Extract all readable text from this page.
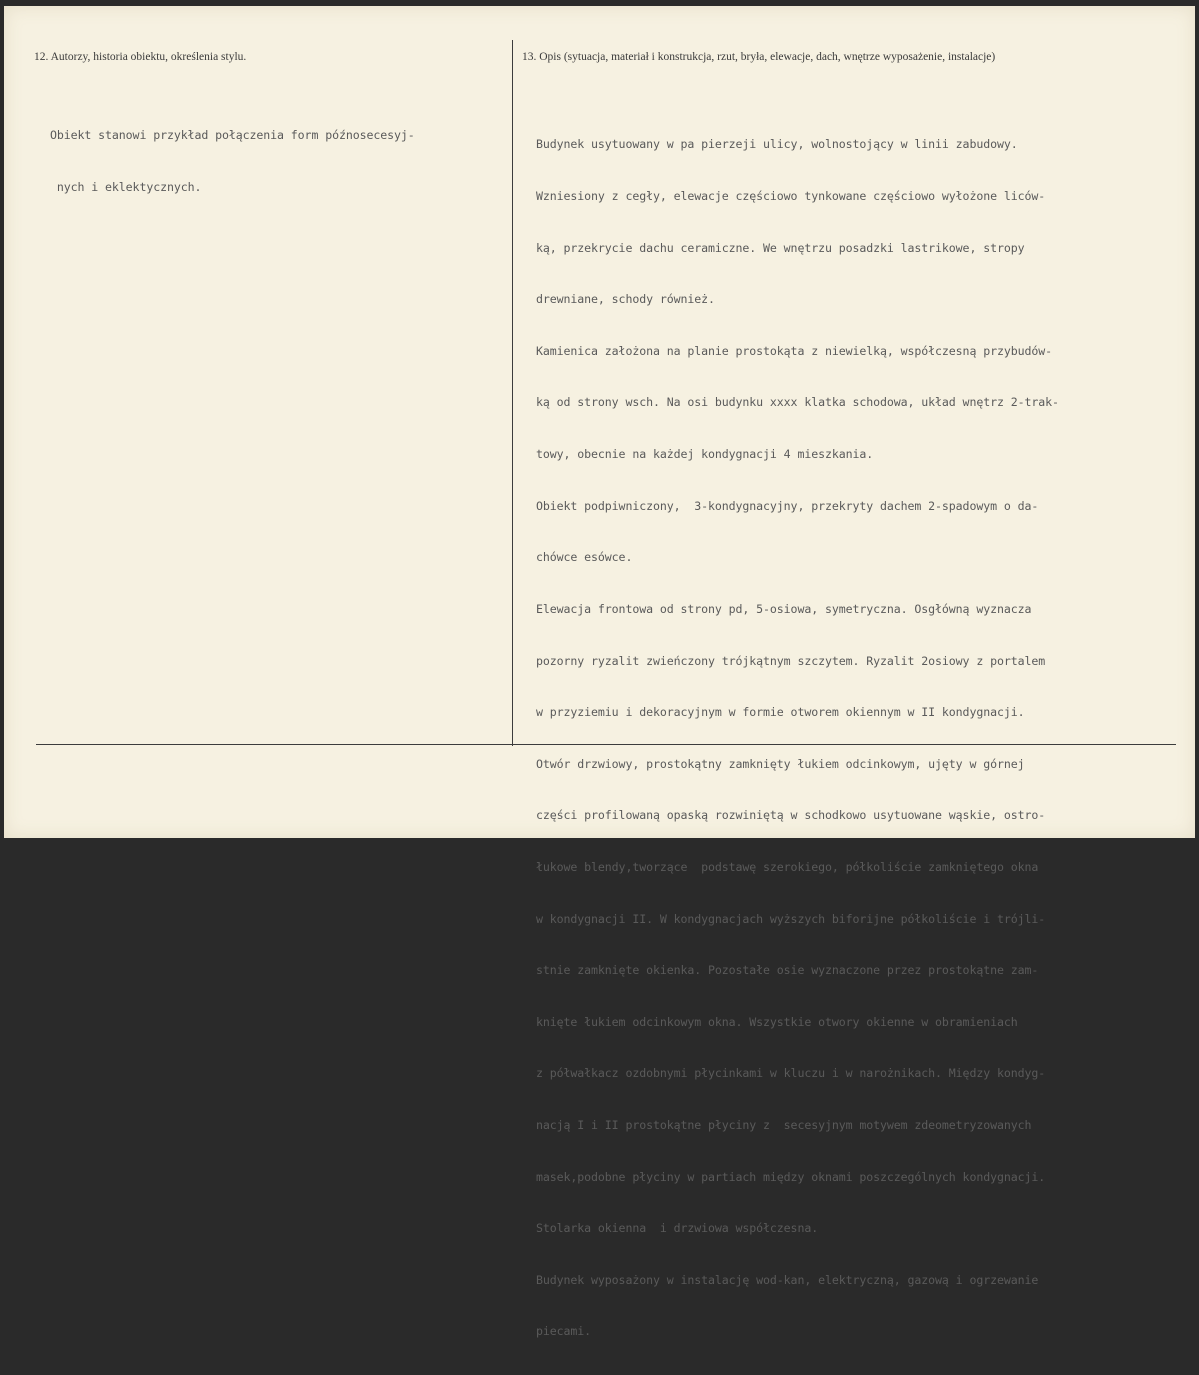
12. Autorzy, historia obiektu, określenia stylu.	13. Opis (sytuacja, materiał i konstrukcja, rzut, bryła, elewacje, dach, wnętrze wyposażenie, instalacje)

Obiekt stanowi przykład połączenia form późnosecesyj-

nych i eklektycznych.

Budynek usytuowany w pa pierzeji ulicy, wolnostojący w linii zabudowy.

Wzniesiony z cegły, elewacje częściowo tynkowane częściowo wyłożone liców-

ką, przekrycie dachu ceramiczne. We wnętrzu posadzki lastrikowe, stropy

drewniane, schody również.

Kamienica założona na planie prostokąta z niewielką, współczesną przybudów-

ką od strony wsch. Na osi budynku xxxx klatka schodowa, układ wnętrz 2-trak-

towy, obecnie na każdej kondygnacji 4 mieszkania.

Obiekt podpiwniczony,  3-kondygnacyjny, przekryty dachem 2-spadowym o da-

chówce esówce.

Elewacja frontowa od strony pd, 5-osiowa, symetryczna. Osgłówną wyznacza

pozorny ryzalit zwieńczony trójkątnym szczytem. Ryzalit 2osiowy z portalem

w przyziemiu i dekoracyjnym w formie otworem okiennym w II kondygnacji.

Otwór drzwiowy, prostokątny zamknięty łukiem odcinkowym, ujęty w górnej

części profilowaną opaską rozwiniętą w schodkowo usytuowane wąskie, ostro-

łukowe blendy,tworzące  podstawę szerokiego, półkoliście zamkniętego okna

w kondygnacji II. W kondygnacjach wyższych biforijne półkoliście i trójli-

stnie zamknięte okienka. Pozostałe osie wyznaczone przez prostokątne zam-

knięte łukiem odcinkowym okna. Wszystkie otwory okienne w obramieniach

z półwałkacz ozdobnymi płycinkami w kluczu i w narożnikach. Między kondyg-

nacją I i II prostokątne płyciny z  secesyjnym motywem zdeometryzowanych

masek,podobne płyciny w partiach między oknami poszczególnych kondygnacji.

Stolarka okienna  i drzwiowa współczesna.

Budynek wyposażony w instalację wod-kan, elektryczną, gazową i ogrzewanie

piecami.
